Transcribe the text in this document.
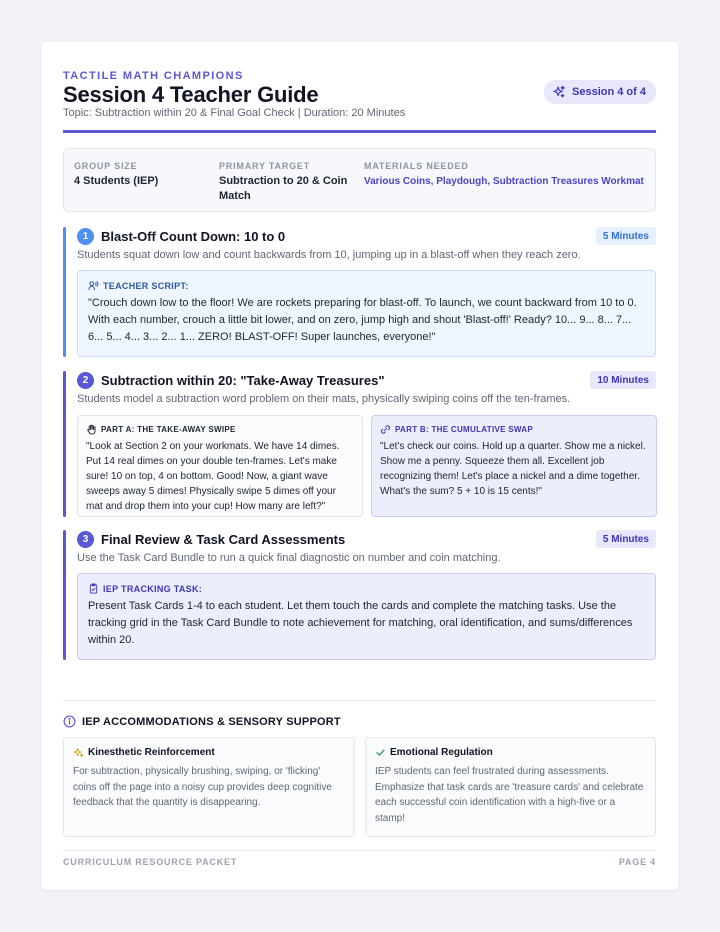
TACTILE MATH CHAMPIONS
Session 4 Teacher Guide
Topic: Subtraction within 20 & Final Goal Check | Duration: 20 Minutes
Session 4 of 4
GROUP SIZE
4 Students (IEP)
PRIMARY TARGET
Subtraction to 20 & Coin Match
MATERIALS NEEDED
Various Coins, Playdough, Subtraction Treasures Workmat
1 Blast-Off Count Down: 10 to 0	5 Minutes
Students squat down low and count backwards from 10, jumping up in a blast-off when they reach zero.
TEACHER SCRIPT:
"Crouch down low to the floor! We are rockets preparing for blast-off. To launch, we count backward from 10 to 0. With each number, crouch a little bit lower, and on zero, jump high and shout 'Blast-off!' Ready? 10... 9... 8... 7... 6... 5... 4... 3... 2... 1... ZERO! BLAST-OFF! Super launches, everyone!"
2 Subtraction within 20: "Take-Away Treasures"	10 Minutes
Students model a subtraction word problem on their mats, physically swiping coins off the ten-frames.
PART A: THE TAKE-AWAY SWIPE
"Look at Section 2 on your workmats. We have 14 dimes. Put 14 real dimes on your double ten-frames. Let's make sure! 10 on top, 4 on bottom. Good! Now, a giant wave sweeps away 5 dimes! Physically swipe 5 dimes off your mat and drop them into your cup! How many are left?"
PART B: THE CUMULATIVE SWAP
"Let's check our coins. Hold up a quarter. Show me a nickel. Show me a penny. Squeeze them all. Excellent job recognizing them! Let's place a nickel and a dime together. What's the sum? 5 + 10 is 15 cents!"
3 Final Review & Task Card Assessments	5 Minutes
Use the Task Card Bundle to run a quick final diagnostic on number and coin matching.
IEP TRACKING TASK:
Present Task Cards 1-4 to each student. Let them touch the cards and complete the matching tasks. Use the tracking grid in the Task Card Bundle to note achievement for matching, oral identification, and sums/differences within 20.
IEP ACCOMMODATIONS & SENSORY SUPPORT
Kinesthetic Reinforcement
For subtraction, physically brushing, swiping, or 'flicking' coins off the page into a noisy cup provides deep cognitive feedback that the quantity is disappearing.
Emotional Regulation
IEP students can feel frustrated during assessments. Emphasize that task cards are 'treasure cards' and celebrate each successful coin identification with a high-five or a stamp!
CURRICULUM RESOURCE PACKET	PAGE 4
